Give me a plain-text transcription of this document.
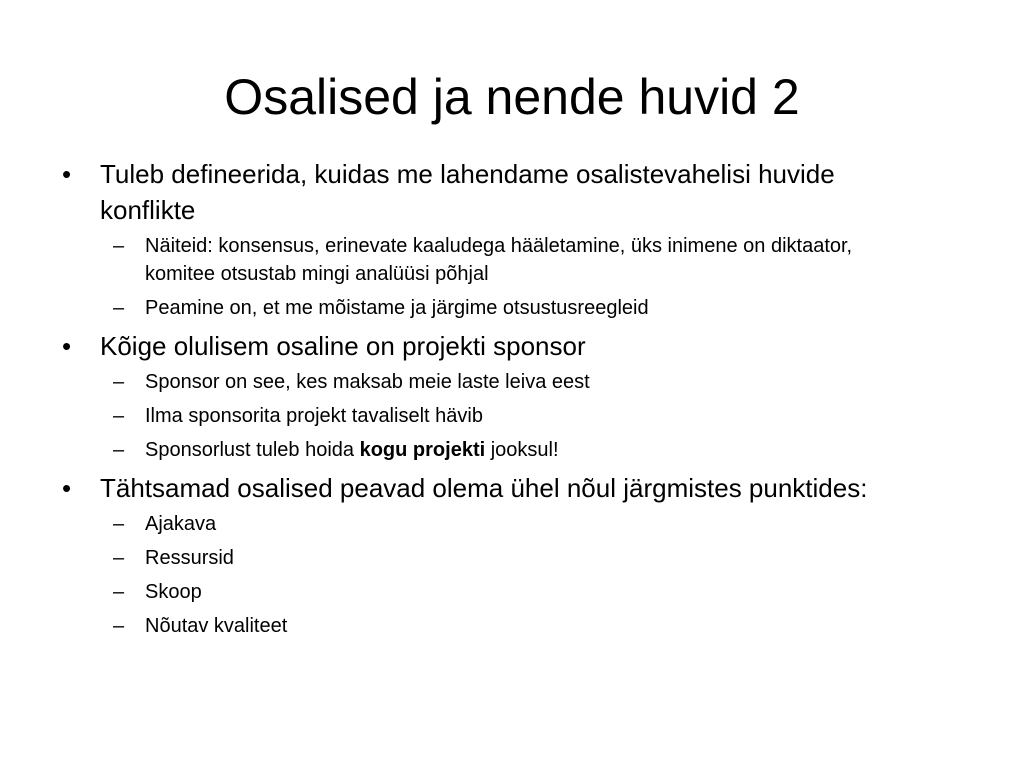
Osalised ja nende huvid 2
• Tuleb defineerida, kuidas me lahendame osalistevahelisi huvide konflikte
– Näiteid: konsensus, erinevate kaaludega hääletamine, üks inimene on diktaator, komitee otsustab mingi analüüsi põhjal
– Peamine on, et me mõistame ja järgime otsustusreegleid
• Kõige olulisem osaline on projekti sponsor
– Sponsor on see, kes maksab meie laste leiva eest
– Ilma sponsorita projekt tavaliselt hävib
– Sponsorlust tuleb hoida kogu projekti jooksul!
• Tähtsamad osalised peavad olema ühel nõul järgmistes punktides:
– Ajakava
– Ressursid
– Skoop
– Nõutav kvaliteet
